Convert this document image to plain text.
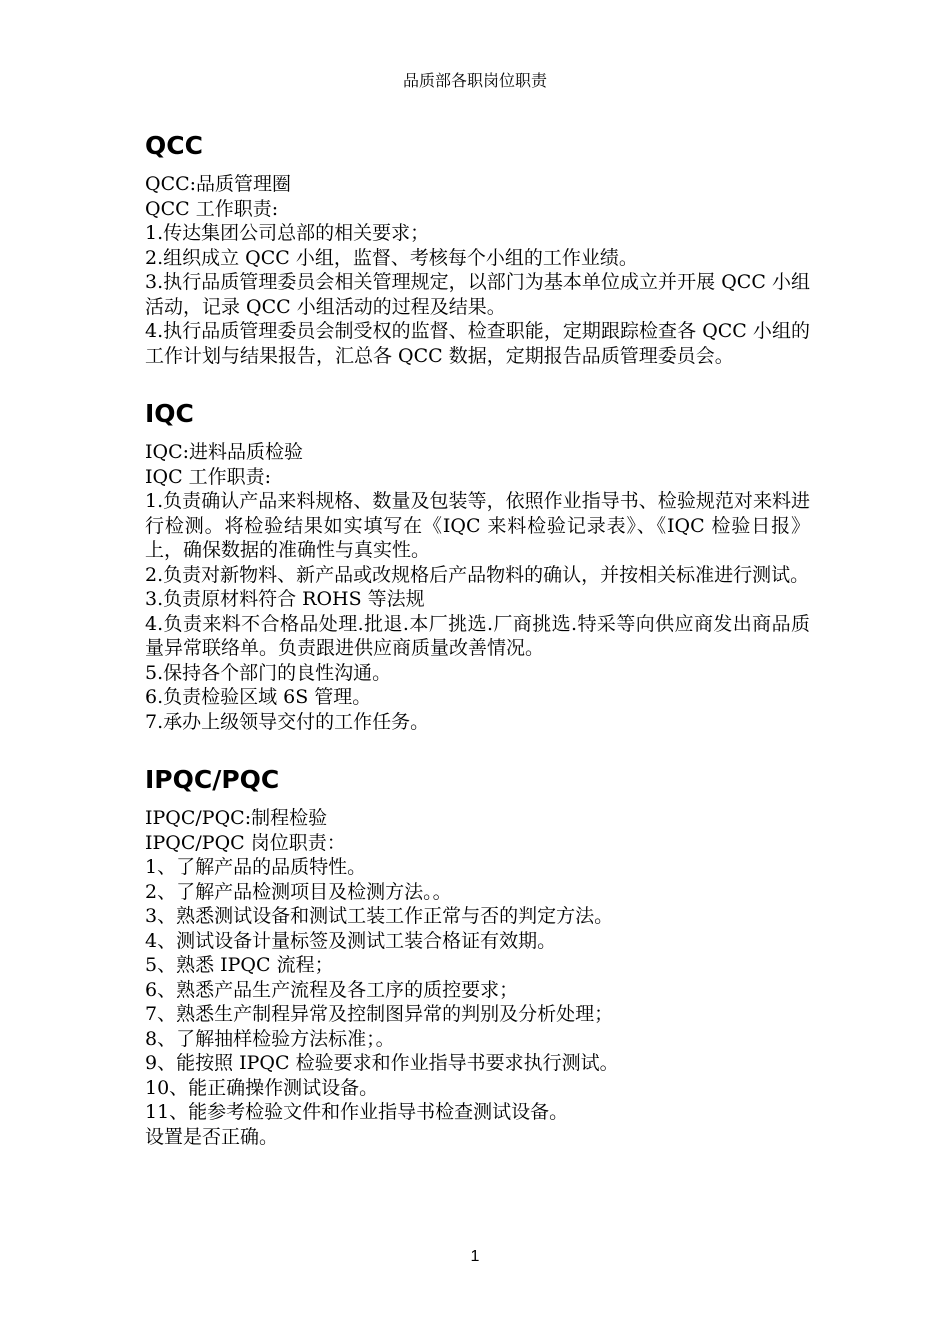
品质部各职岗位职责
QCC

QCC:品质管理圈

QCC 工作职责:

1.传达集团公司总部的相关要求；

2.组织成立 QCC 小组，监督、考核每个小组的工作业绩。

3.执行品质管理委员会相关管理规定，以部门为基本单位成立并开展 QCC 小组活动，记录 QCC 小组活动的过程及结果。

4.执行品质管理委员会制受权的监督、检查职能，定期跟踪检查各 QCC 小组的工作计划与结果报告，汇总各 QCC 数据，定期报告品质管理委员会。

IQC

IQC:进料品质检验

IQC 工作职责:

1.负责确认产品来料规格、数量及包装等，依照作业指导书、检验规范对来料进行检测。将检验结果如实填写在《IQC 来料检验记录表》、《IQC 检验日报》上，确保数据的准确性与真实性。

2.负责对新物料、新产品或改规格后产品物料的确认，并按相关标准进行测试。

3.负责原材料符合 ROHS 等法规

4.负责来料不合格品处理.批退.本厂挑选.厂商挑选.特采等向供应商发出商品质量异常联络单。负责跟进供应商质量改善情况。

5.保持各个部门的良性沟通。

6.负责检验区域 6S 管理。

7.承办上级领导交付的工作任务。

IPQC/PQC

IPQC/PQC:制程检验

IPQC/PQC 岗位职责：

1、了解产品的品质特性。

2、了解产品检测项目及检测方法。。

3、熟悉测试设备和测试工装工作正常与否的判定方法。

4、测试设备计量标签及测试工装合格证有效期。

5、熟悉 IPQC 流程；

6、熟悉产品生产流程及各工序的质控要求；

7、熟悉生产制程异常及控制图异常的判别及分析处理；

8、了解抽样检验方法标准；。

9、能按照 IPQC 检验要求和作业指导书要求执行测试。

10、能正确操作测试设备。

11、能参考检验文件和作业指导书检查测试设备。

设置是否正确。

1
